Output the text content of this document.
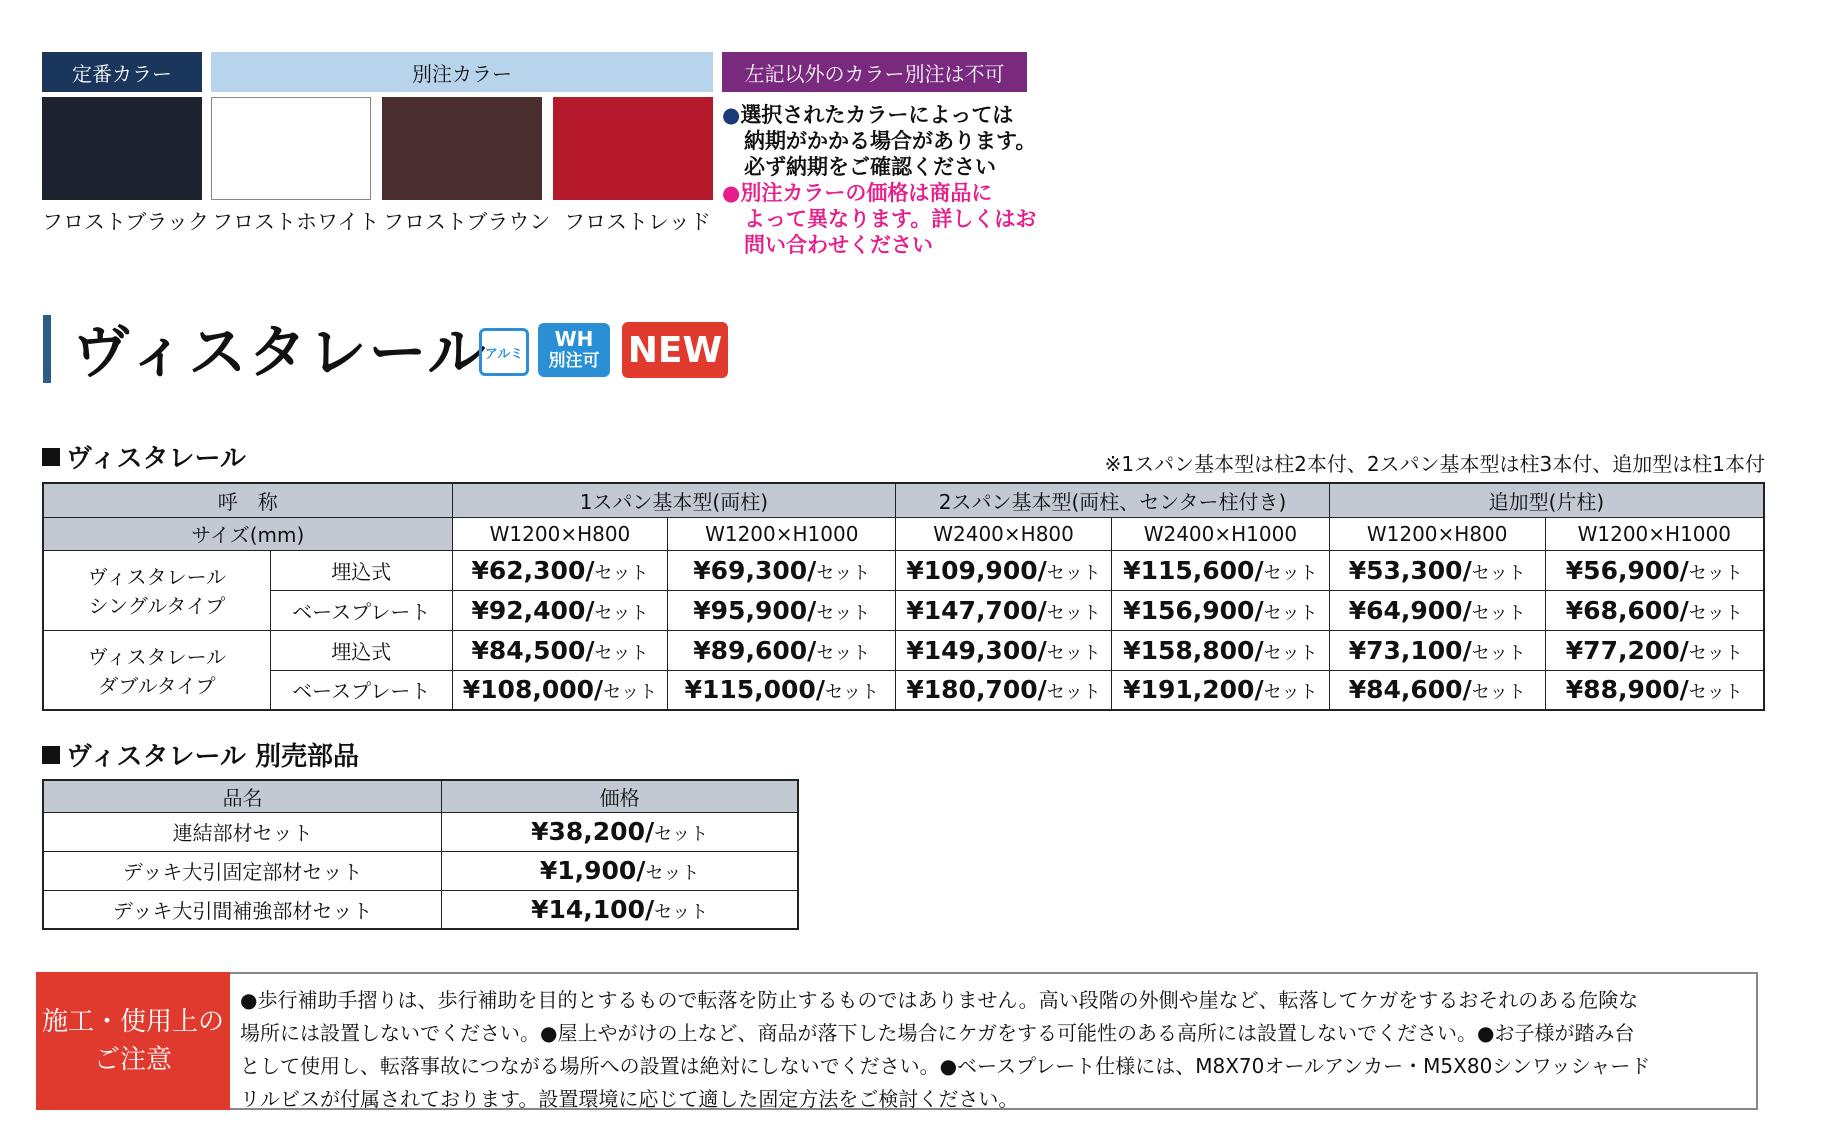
定番カラー	別注カラー	左記以外のカラー別注は不可
フロストブラック フロストホワイト フロストブラウン フロストレッド
●選択されたカラーによっては
納期がかかる場合があります。
必ず納期をご確認ください
●別注カラーの価格は商品に
よって異なります。詳しくはお
問い合わせください
ヴィスタレール
アルミ
WH
別注可 NEW
ヴィスタレール	※1スパン基本型は柱2本付、2スパン基本型は柱3本付、追加型は柱1本付
呼　称		1スパン基本型(両柱)		2スパン基本型(両柱、センター柱付き)		追加型(片柱)	
サイズ(mm)		W1200×H800	W1200×H1000	W2400×H800	W2400×H1000	W1200×H800	W1200×H1000

ヴィスタレール
シングルタイプ	埋込式	¥62,300/セット	¥69,300/セット	¥109,900/セット	¥115,600/セット	¥53,300/セット	¥56,900/セット
	ベースプレート	¥92,400/セット	¥95,900/セット	¥147,700/セット	¥156,900/セット	¥64,900/セット	¥68,600/セット

ヴィスタレール
ダブルタイプ	埋込式	¥84,500/セット	¥89,600/セット	¥149,300/セット	¥158,800/セット	¥73,100/セット	¥77,200/セット
	ベースプレート	¥108,000/セット	¥115,000/セット	¥180,700/セット	¥191,200/セット	¥84,600/セット	¥88,900/セット
ヴィスタレール 別売部品
品名	価格
連結部材セット	¥38,200/セット
デッキ大引固定部材セット	¥1,900/セット
デッキ大引間補強部材セット	¥14,100/セット
施工・使用上の
ご注意
●歩行補助手摺りは、歩行補助を目的とするもので転落を防止するものではありません。高い段階の外側や崖など、転落してケガをするおそれのある危険な
場所には設置しないでください。●屋上やがけの上など、商品が落下した場合にケガをする可能性のある高所には設置しないでください。●お子様が踏み台
として使用し、転落事故につながる場所への設置は絶対にしないでください。●ベースプレート仕様には、M8X70オールアンカー・M5X80シンワッシャード
リルビスが付属されております。設置環境に応じて適した固定方法をご検討ください。
